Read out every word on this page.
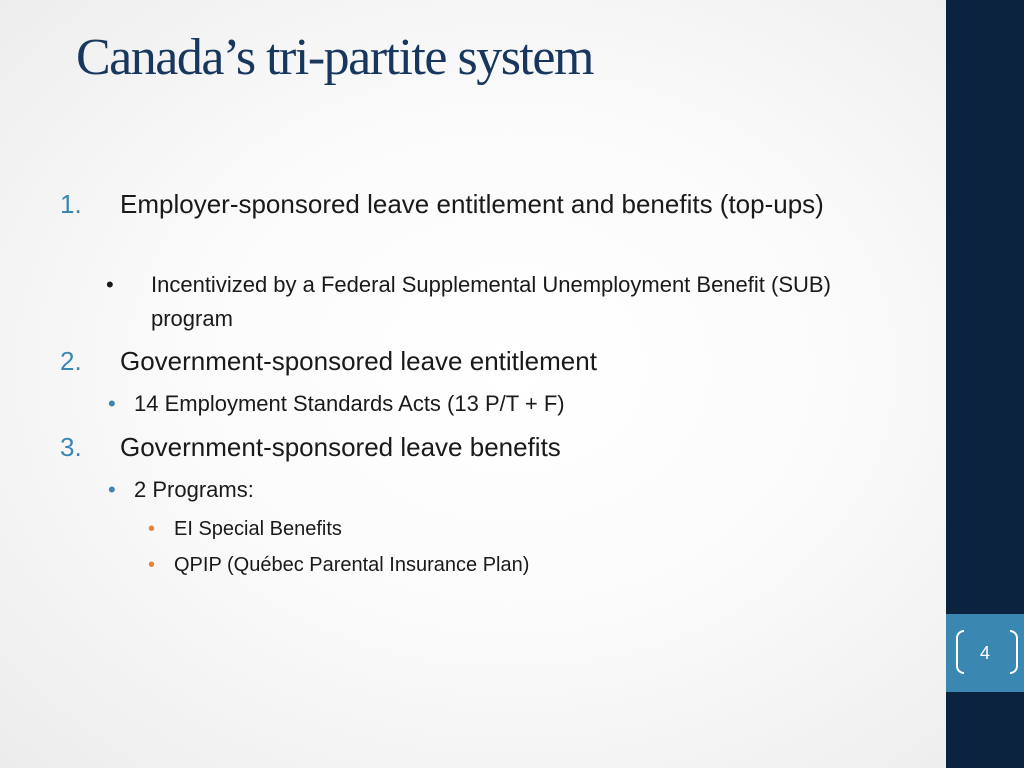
Canada’s tri-partite system
1. Employer-sponsored leave entitlement and benefits (top-ups)
• Incentivized by a Federal Supplemental Unemployment Benefit (SUB) program
2. Government-sponsored leave entitlement
• 14 Employment Standards Acts (13 P/T + F)
3. Government-sponsored leave benefits
• 2 Programs:
• EI Special Benefits
• QPIP (Québec Parental Insurance Plan)
4
